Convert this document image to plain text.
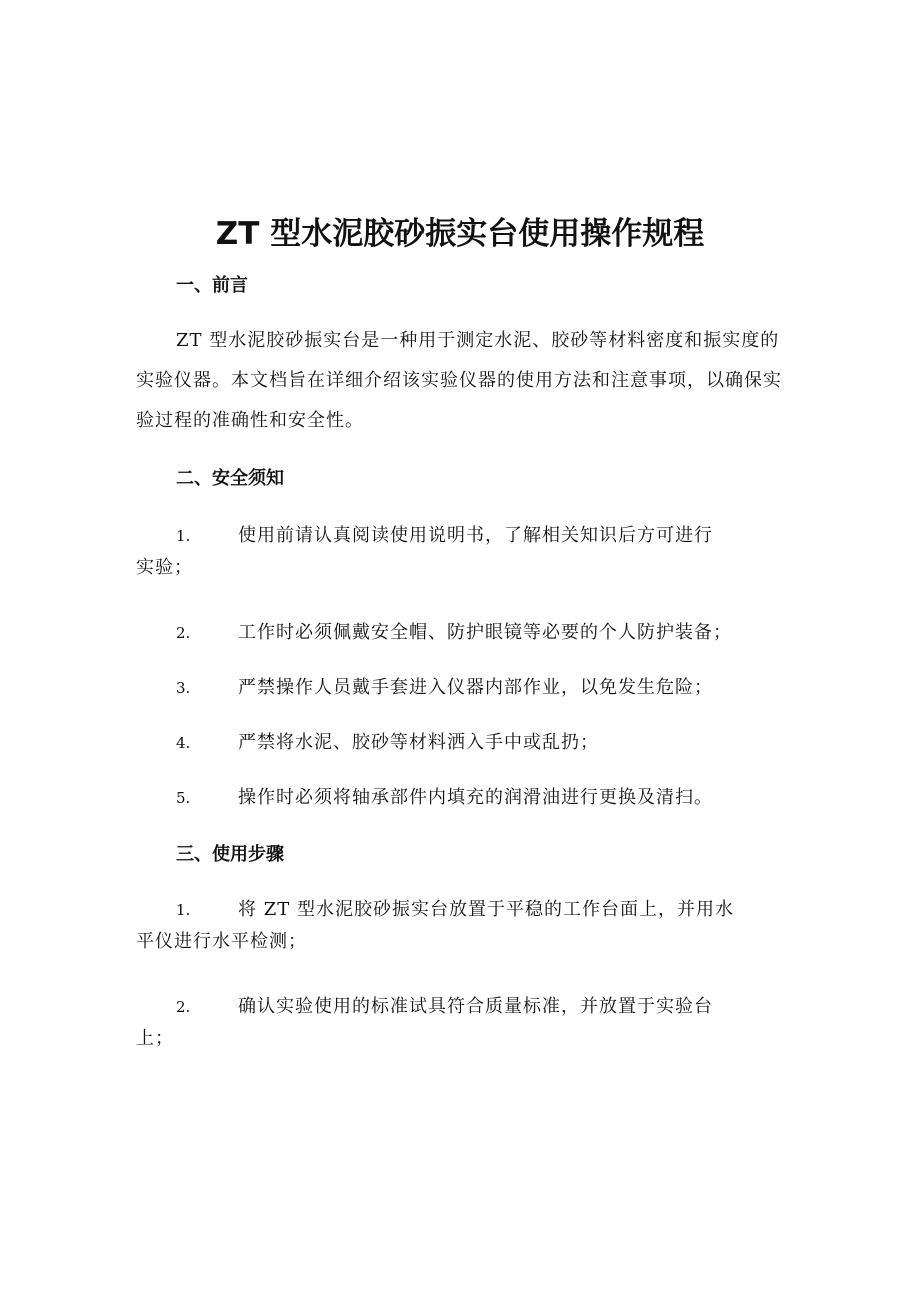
ZT 型水泥胶砂振实台使用操作规程
一、前言
ZT 型水泥胶砂振实台是一种用于测定水泥、胶砂等材料密度和振实度的实验仪器。本文档旨在详细介绍该实验仪器的使用方法和注意事项，以确保实验过程的准确性和安全性。
二、安全须知
1.	使用前请认真阅读使用说明书，了解相关知识后方可进行
实验；
2.	工作时必须佩戴安全帽、防护眼镜等必要的个人防护装备；
3.	严禁操作人员戴手套进入仪器内部作业，以免发生危险；
4.	严禁将水泥、胶砂等材料洒入手中或乱扔；
5.	操作时必须将轴承部件内填充的润滑油进行更换及清扫。
三、使用步骤
1.	将 ZT 型水泥胶砂振实台放置于平稳的工作台面上，并用水
平仪进行水平检测；
2.	确认实验使用的标准试具符合质量标准，并放置于实验台
上；
